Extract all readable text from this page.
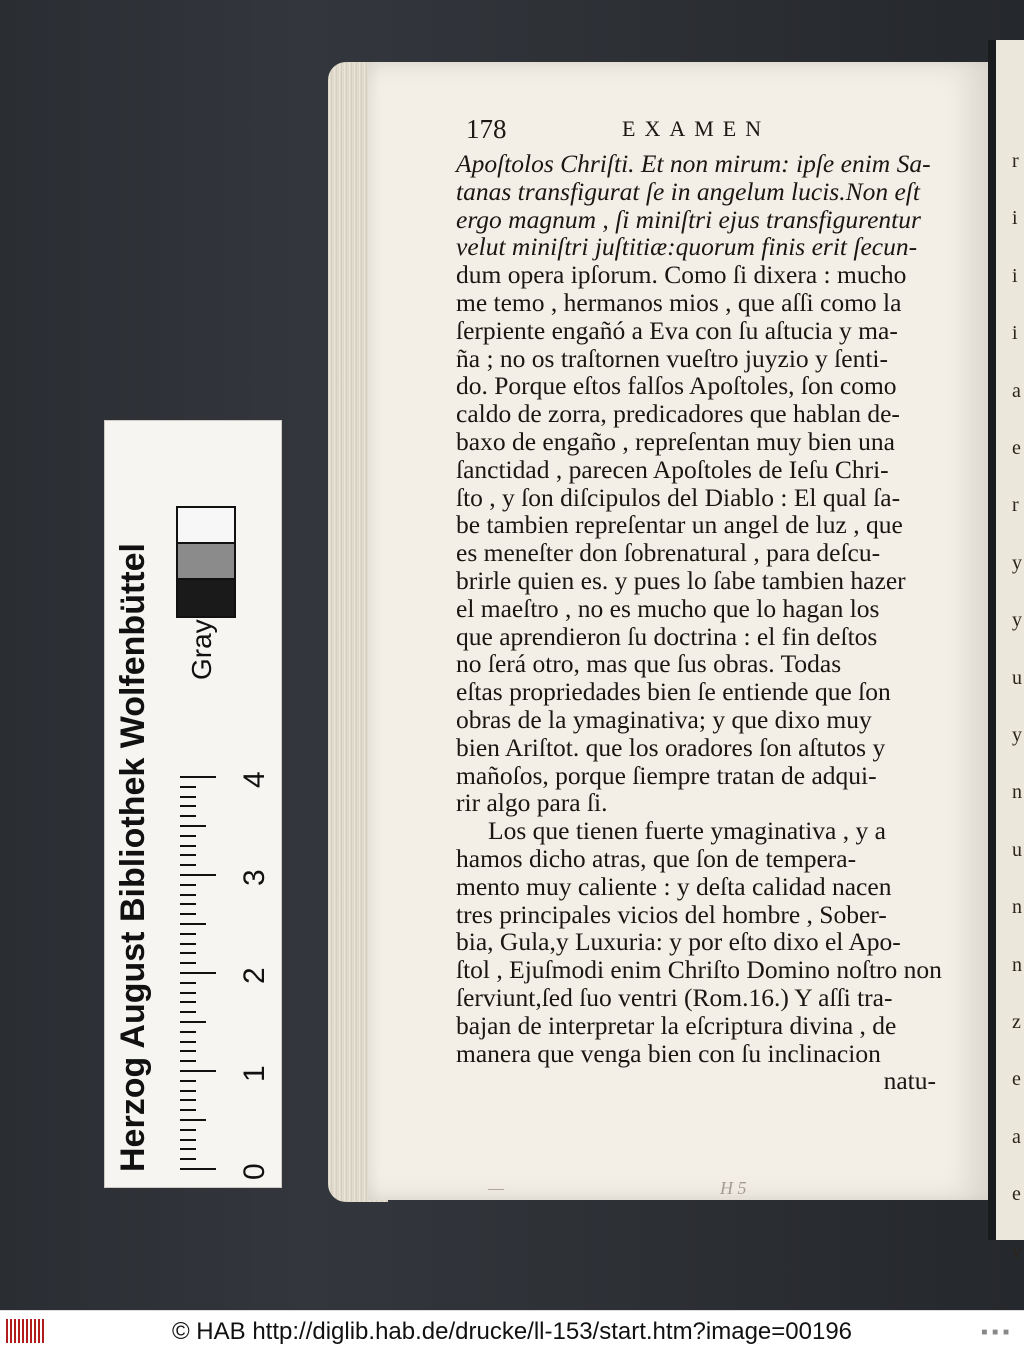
178	EXAMEN
Apoſtolos Chriſti. Et non mirum: ipſe enim Sa-
tanas transfigurat ſe in angelum lucis.Non eſt
ergo magnum , ſi miniſtri ejus transfigurentur
velut miniſtri juſtitiæ:quorum finis erit ſecun-
dum opera ipſorum. Como ſi dixera : mucho
me temo , hermanos mios , que aſſi como la
ſerpiente engañó a Eva con ſu aſtucia y ma-
ña ; no os traſtornen vueſtro juyzio y ſenti-
do. Porque eſtos falſos Apoſtoles, ſon como
caldo de zorra, predicadores que hablan de-
baxo de engaño , repreſentan muy bien una
ſanctidad , parecen Apoſtoles de Ieſu Chri-
ſto , y ſon diſcipulos del Diablo : El qual ſa-
be tambien repreſentar un angel de luz , que
es meneſter don ſobrenatural , para deſcu-
brirle quien es. y pues lo ſabe tambien hazer
el maeſtro , no es mucho que lo hagan los
que aprendieron ſu doctrina : el fin deſtos
no ſerá otro, mas que ſus obras. Todas
eſtas propriedades bien ſe entiende que ſon
obras de la ymaginativa; y que dixo muy
bien Ariſtot. que los oradores ſon aſtutos y
mañoſos, porque ſiempre tratan de adqui-
rir algo para ſi.
Los que tienen fuerte ymaginativa , y a
hamos dicho atras, que ſon de tempera-
mento muy caliente : y deſta calidad nacen
tres principales vicios del hombre , Sober-
bia, Gula,y Luxuria: y por eſto dixo el Apo-
ſtol , Ejuſmodi enim Chriſto Domino noſtro non
ſerviunt,ſed ſuo ventri (Rom.16.) Y aſſi tra-
bajan de interpretar la eſcriptura divina , de
manera que venga bien con ſu inclinacion
natu-
—	H 5
Herzog August Bibliothek Wolfenbüttel	0
1
2
3
4
r
i
i
i
a
e
r
y
y
u
y
n
u
n
n
z
e
a
e
v
© HAB http://diglib.hab.de/drucke/ll-153/start.htm?image=00196	■ ■ ■
